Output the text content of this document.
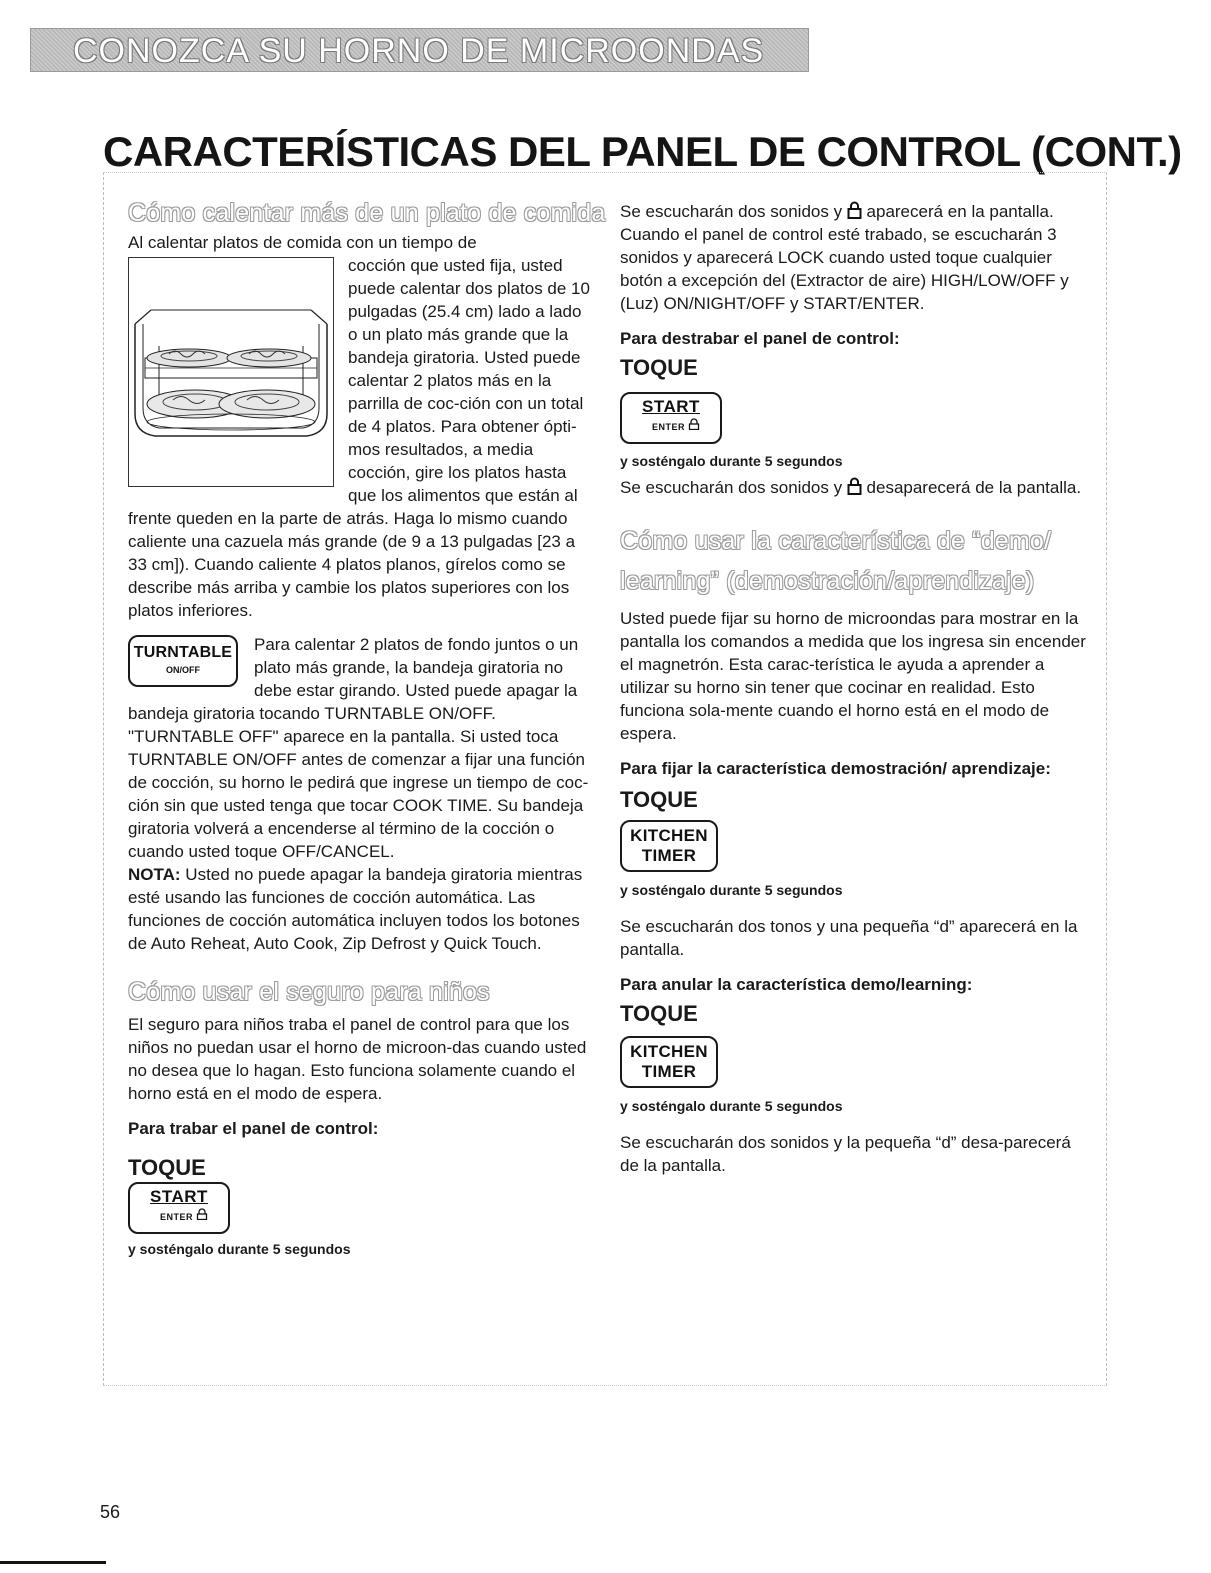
CONOZCA SU HORNO DE MICROONDAS
CARACTERÍSTICAS DEL PANEL DE CONTROL (CONT.)
Cómo calentar más de un plato de comida

Al calentar platos de comida con un tiempo de

cocción que usted fija, usted puede calentar dos platos de 10 pulgadas (25.4 cm) lado a lado o un plato más grande que la bandeja giratoria. Usted puede calentar 2 platos más en la parrilla de coc-ción con un total de 4 platos. Para obtener ópti-mos resultados, a media cocción, gire los platos hasta que los alimentos que están al frente queden en la parte de atrás. Haga lo mismo cuando caliente una cazuela más grande (de 9 a 13 pulgadas [23 a 33 cm]). Cuando caliente 4 platos planos, gírelos como se describe más arriba y cambie los platos superiores con los platos inferiores.

TURNTABLE
ON/OFF

Para calentar 2 platos de fondo juntos o un plato más grande, la bandeja giratoria no debe estar girando. Usted puede apagar la bandeja giratoria tocando TURNTABLE ON/OFF. "TURNTABLE OFF" aparece en la pantalla. Si usted toca TURNTABLE ON/OFF antes de comenzar a fijar una función de cocción, su horno le pedirá que ingrese un tiempo de coc-ción sin que usted tenga que tocar COOK TIME. Su bandeja giratoria volverá a encenderse al término de la cocción o cuando usted toque OFF/CANCEL.

NOTA: Usted no puede apagar la bandeja giratoria mientras esté usando las funciones de cocción automática. Las funciones de cocción automática incluyen todos los botones de Auto Reheat, Auto Cook, Zip Defrost y Quick Touch.

Cómo usar el seguro para niños

El seguro para niños traba el panel de control para que los niños no puedan usar el horno de microon-das cuando usted no desea que lo hagan. Esto funciona solamente cuando el horno está en el modo de espera.

Para trabar el panel de control:
TOQUE
START
ENTER
y sosténgalo durante 5 segundos

Se escucharán dos sonidos y  aparecerá en la pantalla. Cuando el panel de control esté trabado, se escucharán 3 sonidos y aparecerá LOCK cuando usted toque cualquier botón a excepción del (Extractor de aire) HIGH/LOW/OFF y (Luz) ON/NIGHT/OFF y START/ENTER.

Para destrabar el panel de control:
TOQUE
START
ENTER
y sosténgalo durante 5 segundos

Se escucharán dos sonidos y  desaparecerá de la pantalla.

Cómo usar la característica de “demo/
learning” (demostración/aprendizaje)

Usted puede fijar su horno de microondas para mostrar en la pantalla los comandos a medida que los ingresa sin encender el magnetrón. Esta carac-terística le ayuda a aprender a utilizar su horno sin tener que cocinar en realidad. Esto funciona sola-mente cuando el horno está en el modo de espera.

Para fijar la característica demostración/ aprendizaje:
TOQUE
KITCHEN
TIMER
y sosténgalo durante 5 segundos

Se escucharán dos tonos y una pequeña “d” aparecerá en la pantalla.

Para anular la característica demo/learning:
TOQUE
KITCHEN
TIMER
y sosténgalo durante 5 segundos

Se escucharán dos sonidos y la pequeña “d” desa-parecerá de la pantalla.

56
